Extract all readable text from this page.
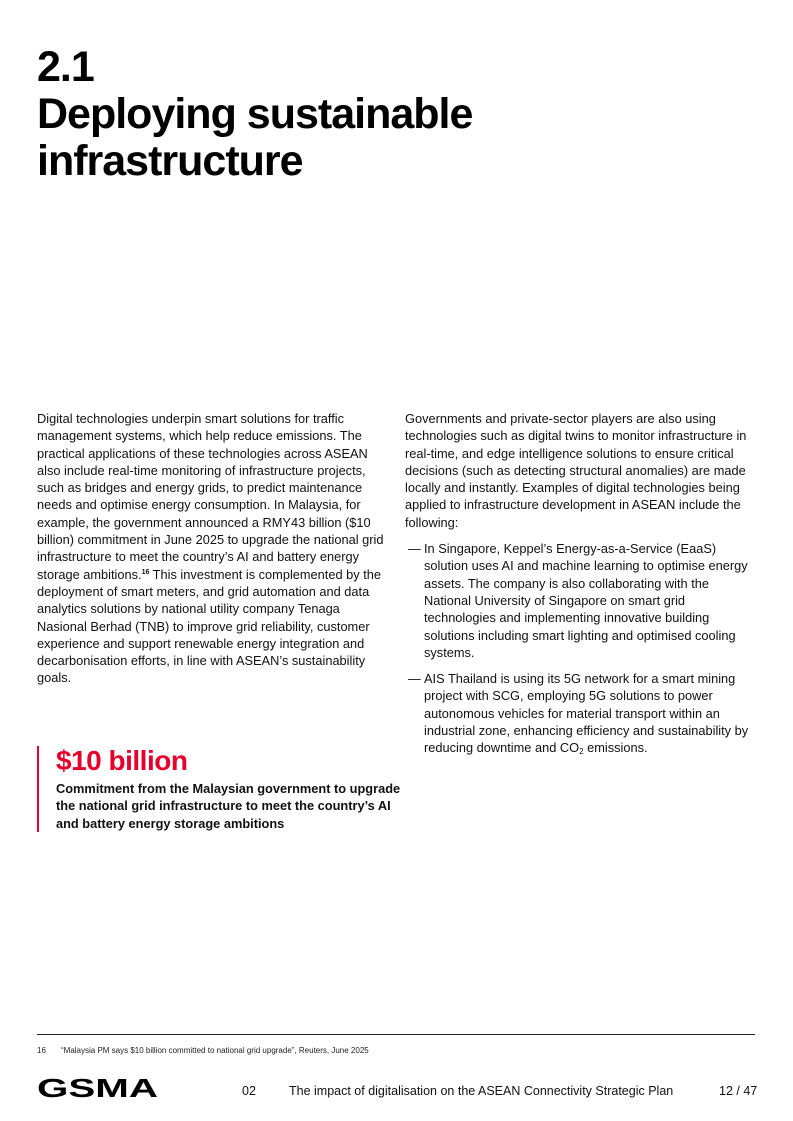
2.1
Deploying sustainable
infrastructure

Digital technologies underpin smart solutions for traffic management systems, which help reduce emissions. The practical applications of these technologies across ASEAN also include real-time monitoring of infrastructure projects, such as bridges and energy grids, to predict maintenance needs and optimise energy consumption. In Malaysia, for example, the government announced a RMY43 billion ($10 billion) commitment in June 2025 to upgrade the national grid infrastructure to meet the country’s AI and battery energy storage ambitions.$^{16}$ This investment is complemented by the deployment of smart meters, and grid automation and data analytics solutions by national utility company Tenaga Nasional Berhad (TNB) to improve grid reliability, customer experience and support renewable energy integration and decarbonisation efforts, in line with ASEAN’s sustainability goals.

$10 billion
Commitment from the Malaysian government to upgrade the national grid infrastructure to meet the country’s AI and battery energy storage ambitions

Governments and private-sector players are also using technologies such as digital twins to monitor infrastructure in real-time, and edge intelligence solutions to ensure critical decisions (such as detecting structural anomalies) are made locally and instantly. Examples of digital technologies being applied to infrastructure development in ASEAN include the following:

— In Singapore, Keppel’s Energy-as-a-Service (EaaS) solution uses AI and machine learning to optimise energy assets. The company is also collaborating with the National University of Singapore on smart grid technologies and implementing innovative building solutions including smart lighting and optimised cooling systems.
— AIS Thailand is using its 5G network for a smart mining project with SCG, employing 5G solutions to power autonomous vehicles for material transport within an industrial zone, enhancing efficiency and sustainability by reducing downtime and $CO_2$ emissions.
16 “Malaysia PM says $10 billion committed to national grid upgrade”, Reuters, June 2025
GSMA	02	The impact of digitalisation on the ASEAN Connectivity Strategic Plan	12 / 47
